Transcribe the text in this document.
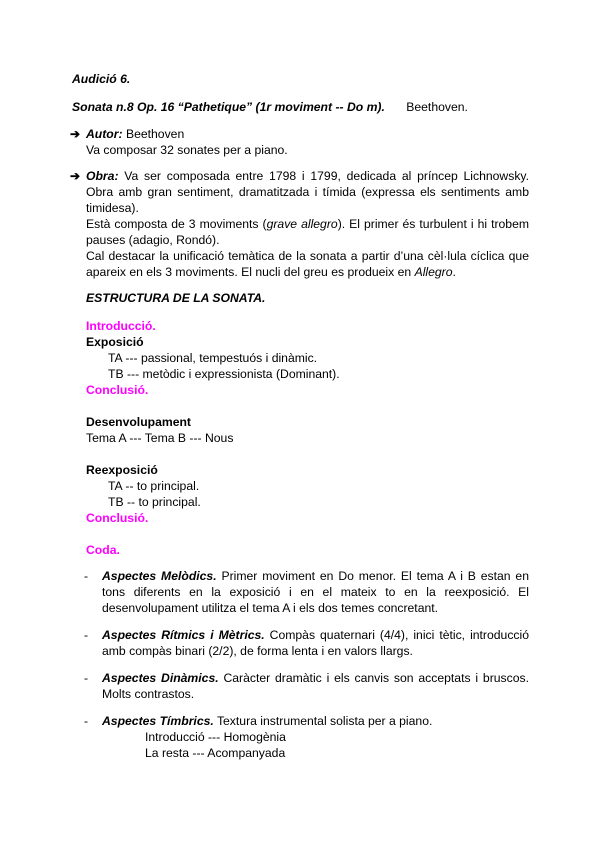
Audició 6.
Sonata n.8 Op. 16 “Pathetique” (1r moviment -- Do m). Beethoven.
➔ Autor: Beethoven
Va composar 32 sonates per a piano.
➔ Obra: Va ser composada entre 1798 i 1799, dedicada al príncep Lichnowsky. Obra amb gran sentiment, dramatitzada i tímida (expressa els sentiments amb timidesa).
Està composta de 3 moviments (grave allegro). El primer és turbulent i hi trobem pauses (adagio, Rondó).
Cal destacar la unificació temàtica de la sonata a partir d’una cèl·lula cíclica que apareix en els 3 moviments. El nucli del greu es produeix en Allegro.
ESTRUCTURA DE LA SONATA.
Introducció.
Exposició
TA --- passional, tempestuós i dinàmic.
TB --- metòdic i expressionista (Dominant).
Conclusió.
Desenvolupament
Tema A --- Tema B --- Nous
Reexposició
TA -- to principal.
TB -- to principal.
Conclusió.
Coda.
- Aspectes Melòdics. Primer moviment en Do menor. El tema A i B estan en tons diferents en la exposició i en el mateix to en la reexposició. El desenvolupament utilitza el tema A i els dos temes concretant.
- Aspectes Rítmics i Mètrics. Compàs quaternari (4/4), inici tètic, introducció amb compàs binari (2/2), de forma lenta i en valors llargs.
- Aspectes Dinàmics. Caràcter dramàtic i els canvis son acceptats i bruscos. Molts contrastos.
- Aspectes Tímbrics. Textura instrumental solista per a piano.
Introducció --- Homogènia
La resta --- Acompanyada
